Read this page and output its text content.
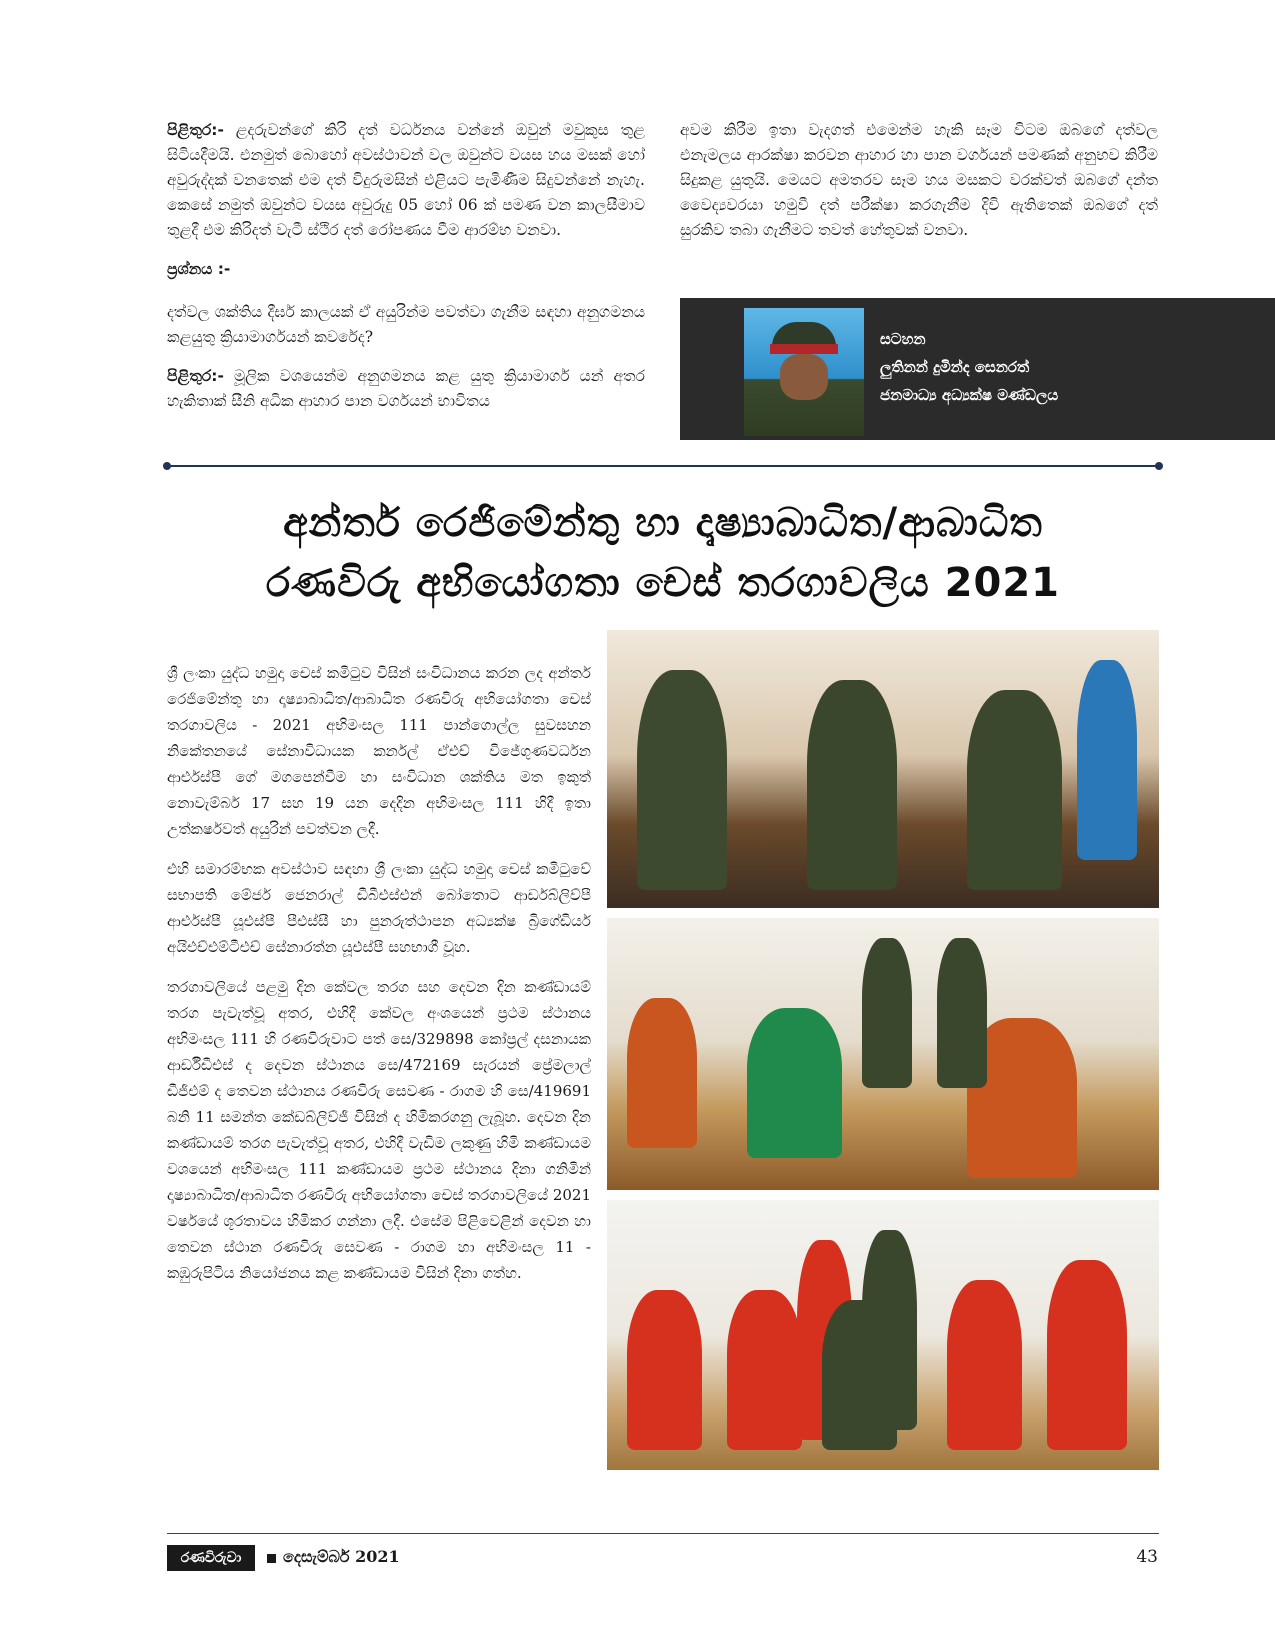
පිළිතුර:- ළදරුවන්ගේ කිරි දත් වර්ධනය වන්නේ ඔවුන් මවුකුස තුළ සිටියදීමයි. එනමුත් බොහෝ අවස්ථාවන් වල ඔවුන්ට වයස හය මසක් හෝ අවුරුද්දක් වනතෙක් එම දත් විදුරුමසින් එළියට පැමිණීම සිදුවන්නේ නැහැ. කෙසේ නමුත් ඔවුන්ට වයස අවුරුදු 05 හෝ 06 ක් පමණ වන කාලසීමාව තුළදී එම කිරිදත් වැටී ස්ථිර දත් රෝපණය වීම ආරම්භ වනවා.

ප්‍රශ්නය :-

දත්වල ශක්තිය දීර්ඝ කාලයක් ඒ අයුරින්ම පවත්වා ගැනීම සඳහා අනුගමනය කළයුතු ක්‍රියාමාර්ගයන් කවරේද?

පිළිතුර:- මූලික වශයෙන්ම අනුගමනය කළ යුතු ක්‍රියාමාර්ග යන් අතර හැකිතාක් සීනි අධික ආහාර පාන වර්ගයන් භාවිතය

අවම කිරීම ඉතා වැදගත් එමෙන්ම හැකි සෑම විටම ඔබගේ දත්වල එනැමලය ආරක්ෂා කරවන ආහාර හා පාන වර්ගයන් පමණක් අනුභව කිරීම සිදුකළ යුතුයි. මෙයට අමතරව සෑම හය මසකට වරක්වත් ඔබගේ දන්ත වෛද්‍යවරයා හමුවී දත් පරීක්ෂා කරගැනීම දිවි ඇතිතෙක් ඔබගේ දත් සුරකිව තබා ගැනීමට තවත් හේතුවක් වනවා.

සටහන
ලුතිනන් දුමින්ද සෙනරත්
ජනමාධ්‍ය අධ්‍යක්ෂ මණ්ඩලය
අන්තර් රෙජිමේන්තු හා දෘෂ්‍යාබාධිත/ආබාධිත
රණවිරු අභියෝගතා චෙස් තරගාවලිය 2021

ශ්‍රී ලංකා යුද්ධ හමුදා චෙස් කමිටුව විසින් සංවිධානය කරන ලද අන්තර් රෙජිමේන්තු හා දෘෂ්‍යාබාධිත/ආබාධිත රණවිරු අභියෝගතා චෙස් තරගාවලිය - 2021 අභිමංසල 111 පාන්ගොල්ල සුවසහන නිකේතනයේ සේනාවිධායක කර්නල් ඒඑච් විජේගුණවර්ධන ආර්එස්පී ගේ මගපෙන්වීම හා සංවිධාන ශක්තිය මත ඉකුත් නොවැම්බර් 17 සහ 19 යන දෙදින අභිමංසල 111 හිදී ඉතා උත්කර්ෂවත් අයුරින් පවත්වන ලදී.

එහි සමාරම්භක අවස්ථාව සඳහා ශ්‍රී ලංකා යුද්ධ හමුදා චෙස් කමිටුවේ සභාපති මේජර් ජෙනරාල් ඩීබීඑස්එන් බෝතොට ආර්ඩබ්ලිව්පී ආර්එස්පී යූඑස්පී පීඑස්සී හා පුනරුත්ථාපන අධ්‍යක්ෂ බ්‍රිගේඩියර් අයිඑච්එම්ටීඑච් සේනාරත්න යූඑස්පී සහභාගී වූහ.

තරගාවලියේ පළමු දින කේවල තරග සහ දෙවන දින කණ්ඩායම් තරග පැවැත්වූ අතර, එහිදී කේවල අංශයෙන් ප්‍රථම ස්ථානය අභිමංසල 111 හි රණවිරුවාට පත් සෙ/329898 කෝප්‍රල් දසනායක ආර්ඩීඩීඑස් ද දෙවන ස්ථානය සෙ/472169 සැරයන් ප්‍රේමලාල් ඩීජීඑම් ද තෙවන ස්ථානය රණවිරු සෙවණ - රාගම හි සෙ/419691 බනි 11 සමන්ත කේඩබ්ලිව්ජී විසින් ද හිමිකරගනු ලැබූහ. දෙවන දින කණ්ඩායම් තරග පැවැත්වූ අතර, එහිදී වැඩිම ලකුණු හිමි කණ්ඩායම වශයෙන් අභිමංසල 111 කණ්ඩායම ප්‍රථම ස්ථානය දිනා ගනිමින් දෘෂ්‍යාබාධිත/ආබාධිත රණවිරු අභියෝගතා චෙස් තරගාවලියේ 2021 වර්ෂයේ ශූරතාවය හිමිකර ගන්නා ලදී. එසේම පිළිවෙළින් දෙවන හා තෙවන ස්ථාන රණවිරු සෙවණ - රාගම හා අභිමංසල 11 - කඹුරුපිටිය නියෝජනය කළ කණ්ඩායම විසින් දිනා ගත්හ.

රණවිරුවා	දෙසැම්බර් 2021	43
